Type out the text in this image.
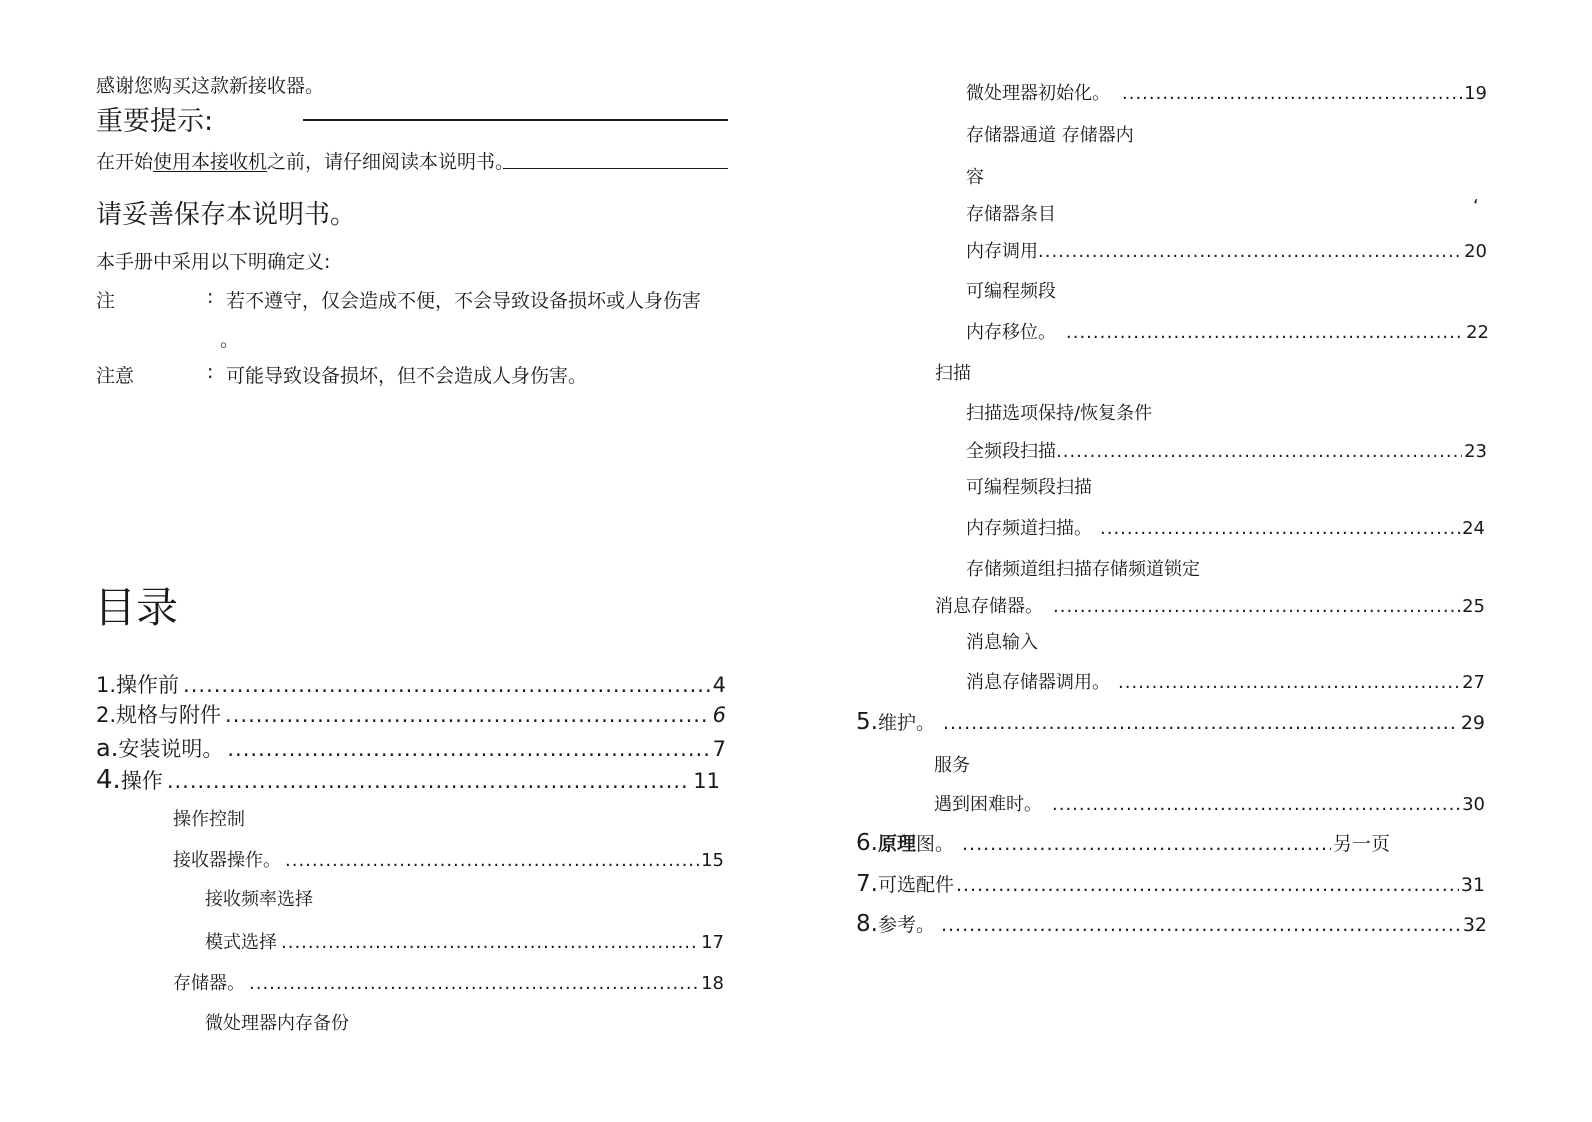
感谢您购买这款新接收器。
重要提示:
在开始使用本接收机之前，请仔细阅读本说明书。
请妥善保存本说明书。
本手册中采用以下明确定义:
注	: 若不遵守，仅会造成不便，不会导致设备损坏或人身伤害
。
注意	: 可能导致设备损坏，但不会造成人身伤害。
目录
1. 操作前 .....	4
2. 规格与附件 .....	6
a. 安装说明。 .....	7
4. 操作 .....	11
操作控制
接收器操作。 .....	15
接收频率选择
模式选择 .....	17
存储器。 .....	18
微处理器内存备份
微处理器初始化。 .....	19
存储器通道 存储器内
容
存储器条目	‘
内存调用 .....	20
可编程频段
内存移位。 .....	22
扫描
扫描选项保持/恢复条件
全频段扫描 .....	23
可编程频段扫描
内存频道扫描。 .....	24
存储频道组扫描存储频道锁定
消息存储器。 .....	25
消息输入
消息存储器调用。 .....	27
5. 维护。 .....	29
服务
遇到困难时。 .....	30
6. 原理 图。 .....	另一页
7. 可选配件 .....	31
8. 参考。 .....	32
